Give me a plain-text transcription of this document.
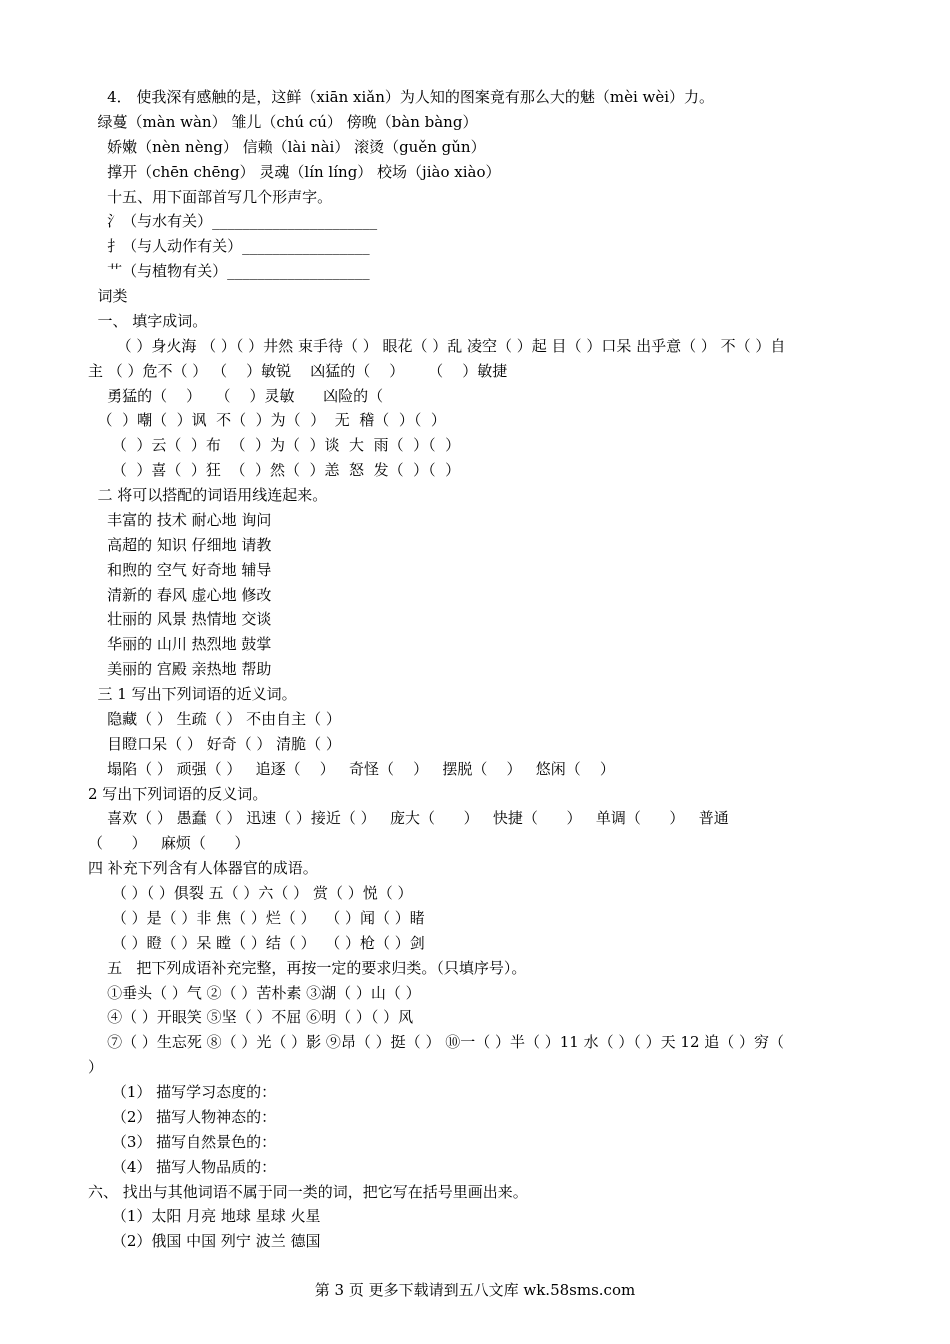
4． 使我深有感触的是，这鲜（xiān xiǎn）为人知的图案竟有那么大的魅（mèi wèi）力。
绿蔓（màn wàn） 雏儿（chú cú） 傍晚（bàn bàng）
娇嫩（nèn nèng） 信赖（lài nài） 滚烫（guěn gǔn）
撑开（chēn chēng） 灵魂（lín líng） 校场（jiào xiào）
十五、用下面部首写几个形声字。
氵（与水有关）______________________
扌（与人动作有关）_________________
艹（与植物有关）___________________
词类
一、 填字成词。
（ ）身火海 （ ）（ ）井然 束手待（ ） 眼花（ ）乱 凌空（ ）起 目（ ）口呆 出乎意（ ） 不（ ）自
主 （ ）危不（ ） （    ）敏锐    凶猛的（    ）     （    ）敏捷
勇猛的（    ）   （    ）灵敏      凶险的（
（  ）嘲（  ）讽  不（  ）为（  ）  无  稽（  ）（  ）
（  ）云（  ）布  （  ）为（  ）谈  大  雨（  ）（  ）
（  ）喜（  ）狂  （  ）然（  ）恙  怒  发（  ）（  ）
二 将可以搭配的词语用线连起来。
丰富的 技术 耐心地 询问
高超的 知识 仔细地 请教
和煦的 空气 好奇地 辅导
清新的 春风 虚心地 修改
壮丽的 风景 热情地 交谈
华丽的 山川 热烈地 鼓掌
美丽的 宫殿 亲热地 帮助
三 1 写出下列词语的近义词。
隐藏（ ） 生疏（ ） 不由自主（ ）
目瞪口呆（ ） 好奇（ ） 清脆（ ）
塌陷（ ） 顽强（ ）   追逐（    ）   奇怪（    ）   摆脱（    ）   悠闲（    ）
2 写出下列词语的反义词。
喜欢（ ） 愚蠢（ ） 迅速（ ）接近（ ）   庞大（      ）   快捷（      ）   单调（      ）   普通
（      ）   麻烦（      ）
四 补充下列含有人体器官的成语。
（ ）（ ）俱裂 五（ ）六（ ） 赏（ ）悦（ ）
（ ）是（ ）非 焦（ ）烂（ ）  （ ）闻（ ）睹
（ ）瞪（ ）呆 瞠（ ）结（ ）  （ ）枪（ ）剑
五   把下列成语补充完整，再按一定的要求归类。（只填序号）。
①垂头（ ）气 ②（ ）苦朴素 ③湖（ ）山（ ）
④（ ）开眼笑 ⑤坚（ ）不屈 ⑥明（ ）（ ）风
⑦（ ）生忘死 ⑧（ ）光（ ）影 ⑨昂（ ）挺（ ） ⑩一（ ）半（ ）11 水（ ）（ ）天 12 追（ ）穷（
）
（1） 描写学习态度的：
（2） 描写人物神态的：
（3） 描写自然景色的：
（4） 描写人物品质的：
六、 找出与其他词语不属于同一类的词，把它写在括号里画出来。
（1）太阳 月亮 地球 星球 火星
（2）俄国 中国 列宁 波兰 德国
第 3 页 更多下载请到五八文库 wk.58sms.com
